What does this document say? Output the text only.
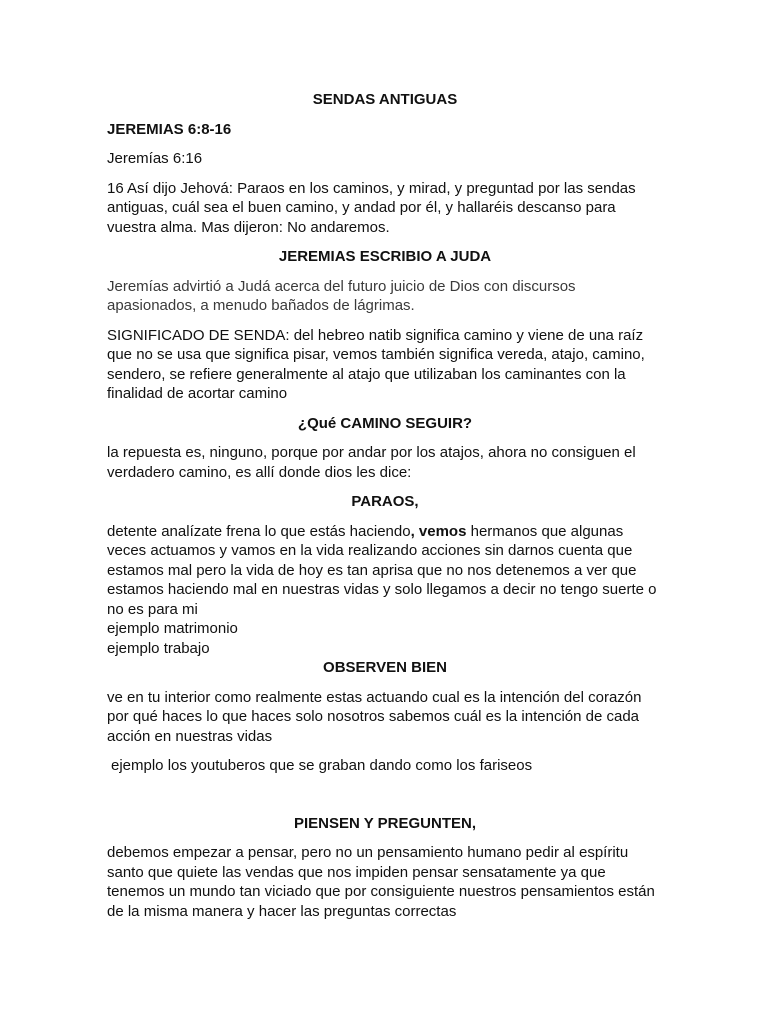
SENDAS ANTIGUAS
JEREMIAS 6:8-16

Jeremías 6:16

16 Así dijo Jehová: Paraos en los caminos, y mirad, y preguntad por las sendas antiguas, cuál sea el buen camino, y andad por él, y hallaréis descanso para vuestra alma. Mas dijeron: No andaremos.

JEREMIAS ESCRIBIO A JUDA

Jeremías advirtió a Judá acerca del futuro juicio de Dios con discursos apasionados, a menudo bañados de lágrimas.

SIGNIFICADO DE SENDA: del hebreo natib significa camino y viene de una raíz que no se usa que significa pisar, vemos también significa vereda, atajo, camino, sendero, se refiere generalmente al atajo que utilizaban los caminantes con la finalidad de acortar camino

¿Qué CAMINO SEGUIR?

la repuesta es, ninguno, porque por andar por los atajos, ahora no consiguen el verdadero camino, es allí donde dios les dice:

PARAOS,

detente analízate frena lo que estás haciendo, vemos hermanos que algunas veces actuamos y vamos en la vida realizando acciones sin darnos cuenta que estamos mal pero la vida de hoy es tan aprisa que no nos detenemos a ver que estamos haciendo mal en nuestras vidas y solo llegamos a decir no tengo suerte o no es para mi

ejemplo matrimonio
ejemplo trabajo
OBSERVEN BIEN

ve en tu interior como realmente estas actuando cual es la intención del corazón por qué haces lo que haces solo nosotros sabemos cuál es la intención de cada acción en nuestras vidas

ejemplo los youtuberos que se graban dando como los fariseos

PIENSEN Y PREGUNTEN,

debemos empezar a pensar, pero no un pensamiento humano pedir al espíritu santo que quiete las vendas que nos impiden pensar sensatamente ya que tenemos un mundo tan viciado que por consiguiente nuestros pensamientos están de la misma manera y hacer las preguntas correctas
